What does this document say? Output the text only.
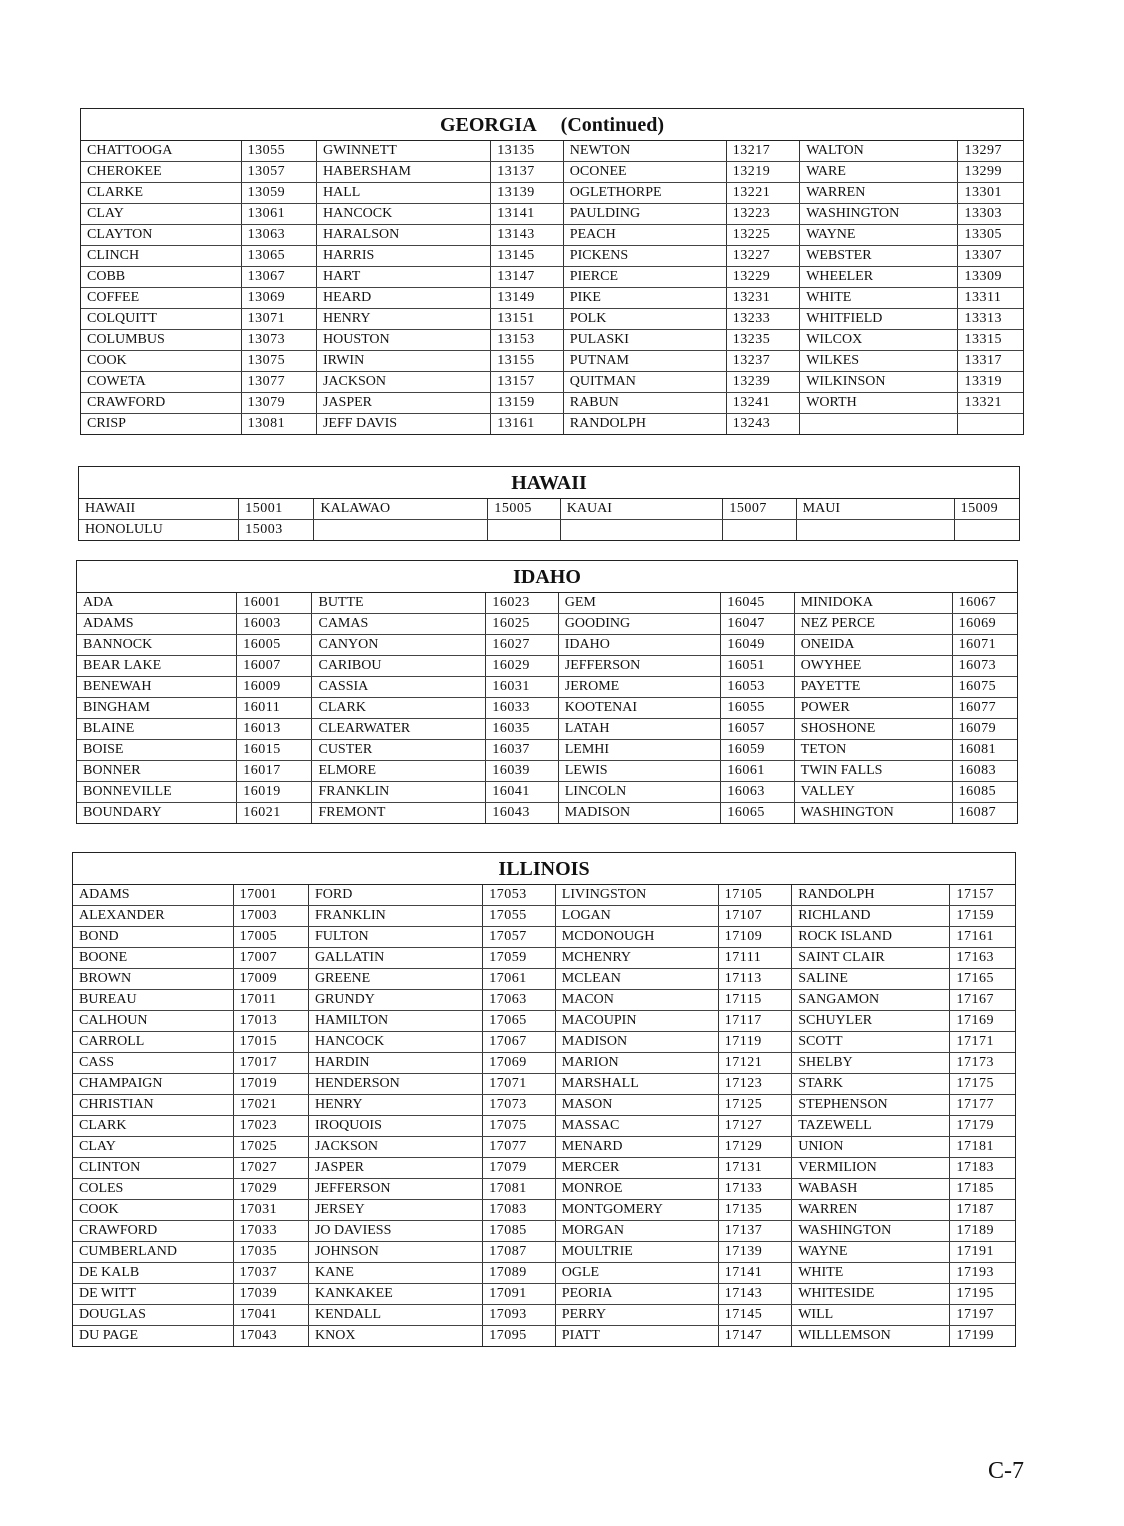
GEORGIA (Continued)
CHATTOOGA	13055	GWINNETT	13135	NEWTON	13217	WALTON	13297
CHEROKEE	13057	HABERSHAM	13137	OCONEE	13219	WARE	13299
CLARKE	13059	HALL	13139	OGLETHORPE	13221	WARREN	13301
CLAY	13061	HANCOCK	13141	PAULDING	13223	WASHINGTON	13303
CLAYTON	13063	HARALSON	13143	PEACH	13225	WAYNE	13305
CLINCH	13065	HARRIS	13145	PICKENS	13227	WEBSTER	13307
COBB	13067	HART	13147	PIERCE	13229	WHEELER	13309
COFFEE	13069	HEARD	13149	PIKE	13231	WHITE	13311
COLQUITT	13071	HENRY	13151	POLK	13233	WHITFIELD	13313
COLUMBUS	13073	HOUSTON	13153	PULASKI	13235	WILCOX	13315
COOK	13075	IRWIN	13155	PUTNAM	13237	WILKES	13317
COWETA	13077	JACKSON	13157	QUITMAN	13239	WILKINSON	13319
CRAWFORD	13079	JASPER	13159	RABUN	13241	WORTH	13321
CRISP	13081	JEFF DAVIS	13161	RANDOLPH	13243		
HAWAII
HAWAII	15001	KALAWAO	15005	KAUAI	15007	MAUI	15009
HONOLULU	15003						
IDAHO
ADA	16001	BUTTE	16023	GEM	16045	MINIDOKA	16067
ADAMS	16003	CAMAS	16025	GOODING	16047	NEZ PERCE	16069
BANNOCK	16005	CANYON	16027	IDAHO	16049	ONEIDA	16071
BEAR LAKE	16007	CARIBOU	16029	JEFFERSON	16051	OWYHEE	16073
BENEWAH	16009	CASSIA	16031	JEROME	16053	PAYETTE	16075
BINGHAM	16011	CLARK	16033	KOOTENAI	16055	POWER	16077
BLAINE	16013	CLEARWATER	16035	LATAH	16057	SHOSHONE	16079
BOISE	16015	CUSTER	16037	LEMHI	16059	TETON	16081
BONNER	16017	ELMORE	16039	LEWIS	16061	TWIN FALLS	16083
BONNEVILLE	16019	FRANKLIN	16041	LINCOLN	16063	VALLEY	16085
BOUNDARY	16021	FREMONT	16043	MADISON	16065	WASHINGTON	16087
ILLINOIS
ADAMS	17001	FORD	17053	LIVINGSTON	17105	RANDOLPH	17157
ALEXANDER	17003	FRANKLIN	17055	LOGAN	17107	RICHLAND	17159
BOND	17005	FULTON	17057	MCDONOUGH	17109	ROCK ISLAND	17161
BOONE	17007	GALLATIN	17059	MCHENRY	17111	SAINT CLAIR	17163
BROWN	17009	GREENE	17061	MCLEAN	17113	SALINE	17165
BUREAU	17011	GRUNDY	17063	MACON	17115	SANGAMON	17167
CALHOUN	17013	HAMILTON	17065	MACOUPIN	17117	SCHUYLER	17169
CARROLL	17015	HANCOCK	17067	MADISON	17119	SCOTT	17171
CASS	17017	HARDIN	17069	MARION	17121	SHELBY	17173
CHAMPAIGN	17019	HENDERSON	17071	MARSHALL	17123	STARK	17175
CHRISTIAN	17021	HENRY	17073	MASON	17125	STEPHENSON	17177
CLARK	17023	IROQUOIS	17075	MASSAC	17127	TAZEWELL	17179
CLAY	17025	JACKSON	17077	MENARD	17129	UNION	17181
CLINTON	17027	JASPER	17079	MERCER	17131	VERMILION	17183
COLES	17029	JEFFERSON	17081	MONROE	17133	WABASH	17185
COOK	17031	JERSEY	17083	MONTGOMERY	17135	WARREN	17187
CRAWFORD	17033	JO DAVIESS	17085	MORGAN	17137	WASHINGTON	17189
CUMBERLAND	17035	JOHNSON	17087	MOULTRIE	17139	WAYNE	17191
DE KALB	17037	KANE	17089	OGLE	17141	WHITE	17193
DE WITT	17039	KANKAKEE	17091	PEORIA	17143	WHITESIDE	17195
DOUGLAS	17041	KENDALL	17093	PERRY	17145	WILL	17197
DU PAGE	17043	KNOX	17095	PIATT	17147	WILLLEMSON	17199
C-7
